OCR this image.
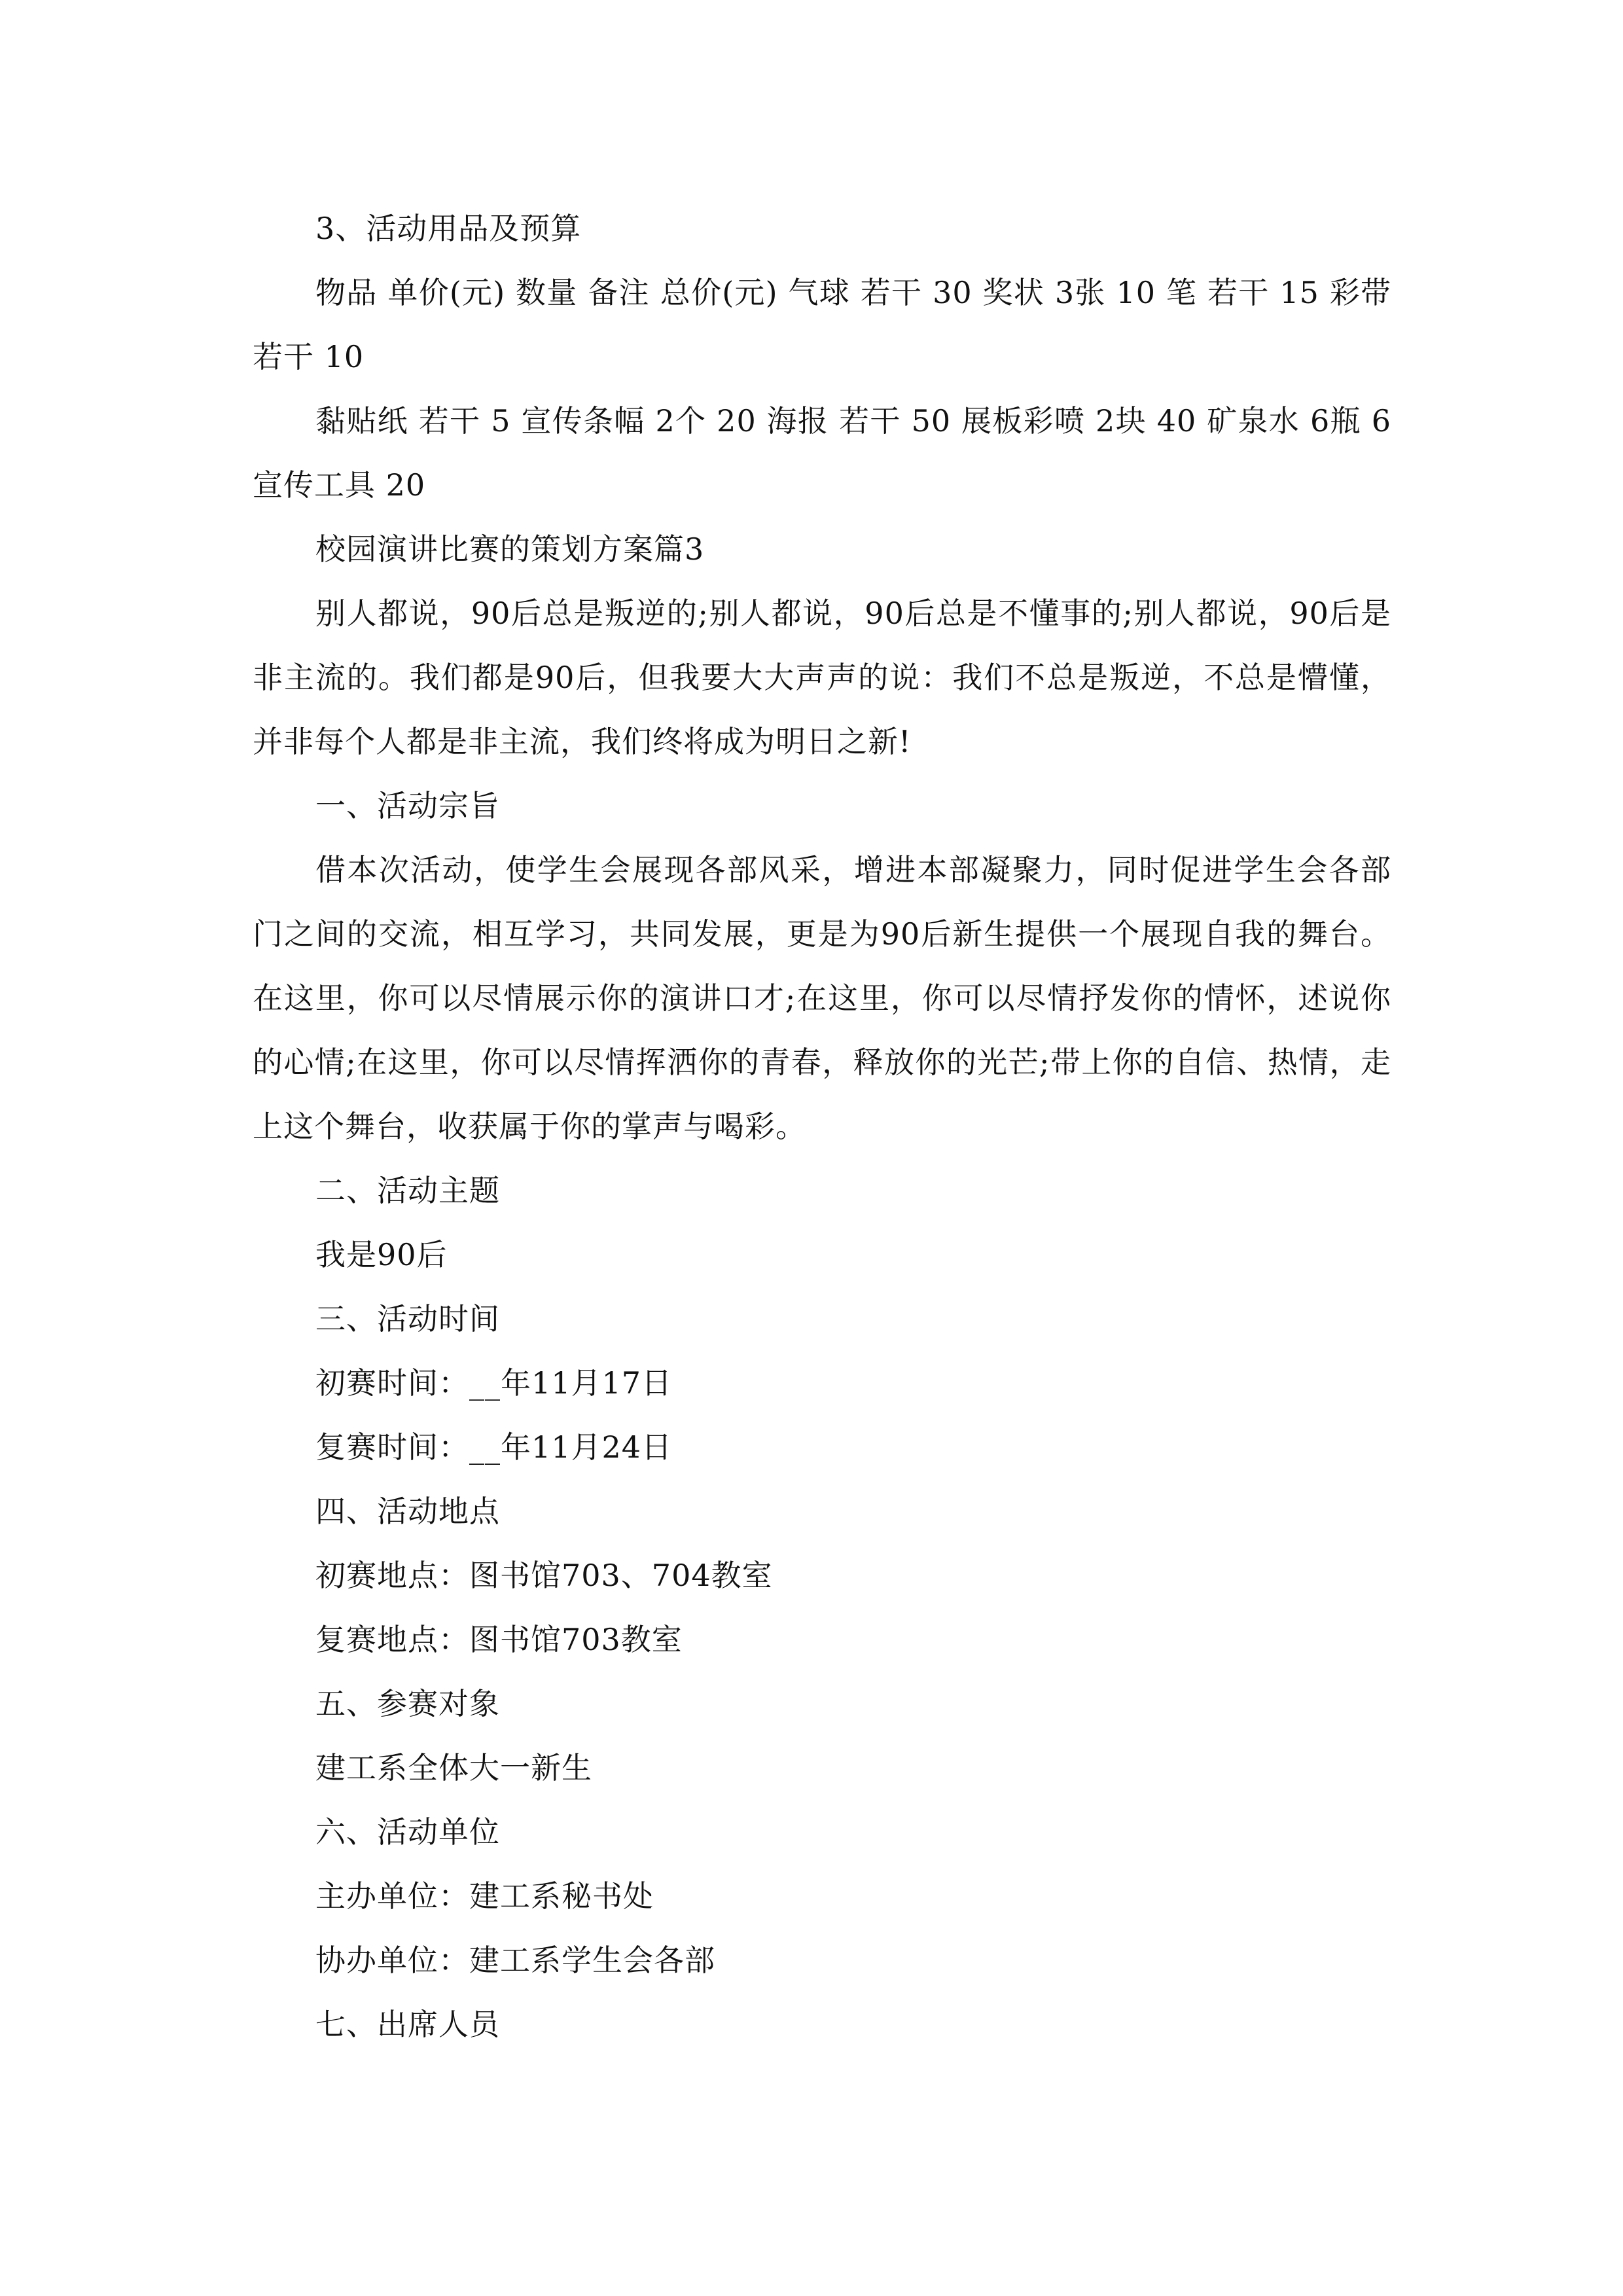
3、活动用品及预算

物品 单价(元) 数量 备注 总价(元) 气球 若干 30 奖状 3张 10 笔 若干 15 彩带 若干 10

黏贴纸 若干 5 宣传条幅 2个 20 海报 若干 50 展板彩喷 2块 40 矿泉水 6瓶 6 宣传工具 20

校园演讲比赛的策划方案篇3

别人都说，90后总是叛逆的;别人都说，90后总是不懂事的;别人都说，90后是非主流的。我们都是90后，但我要大大声声的说：我们不总是叛逆，不总是懵懂，并非每个人都是非主流，我们终将成为明日之新!

一、活动宗旨

借本次活动，使学生会展现各部风采，增进本部凝聚力，同时促进学生会各部门之间的交流，相互学习，共同发展，更是为90后新生提供一个展现自我的舞台。在这里，你可以尽情展示你的演讲口才;在这里，你可以尽情抒发你的情怀，述说你的心情;在这里，你可以尽情挥洒你的青春，释放你的光芒;带上你的自信、热情，走上这个舞台，收获属于你的掌声与喝彩。

二、活动主题

我是90后

三、活动时间

初赛时间：__年11月17日

复赛时间：__年11月24日

四、活动地点

初赛地点：图书馆703、704教室

复赛地点：图书馆703教室

五、参赛对象

建工系全体大一新生

六、活动单位

主办单位：建工系秘书处

协办单位：建工系学生会各部

七、出席人员
